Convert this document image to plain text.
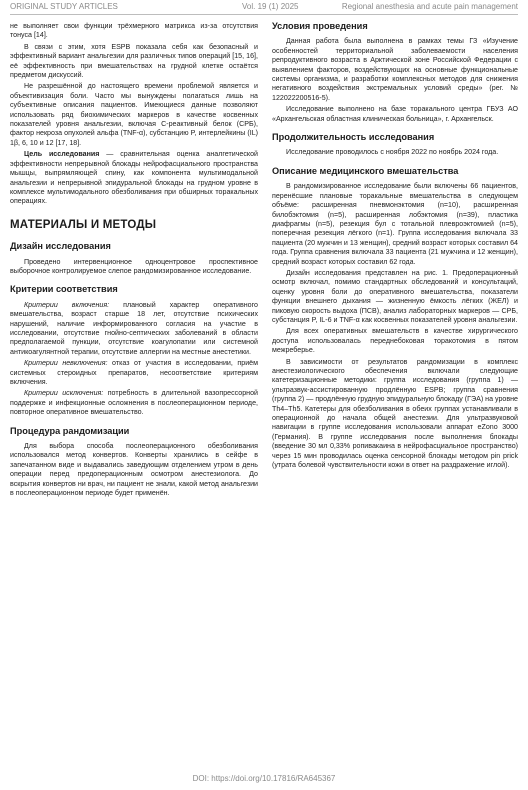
ORIGINAL STUDY ARTICLES	Vol. 19 (1) 2025	Regional anesthesia and acute pain management

не выполняет свои функции трёхмерного матрикса из-за отсутствия тонуса [14].

В связи с этим, хотя ESPB показала себя как безопасный и эффективный вариант анальгезии для различных типов операций [15, 16], её эффективность при вмешательствах на грудной клетке остаётся предметом дискуссий.

Не разрешённой до настоящего времени проблемой является и объективизация боли. Часто мы вынуждены полагаться лишь на субъективные описания пациентов. Имеющиеся данные позволяют использовать ряд биохимических маркеров в качестве косвенных показателей уровня анальгезии, включая C-реактивный белок (СРБ), фактор некроза опухолей альфа (TNF-α), субстанцию P, интерлейкины (IL) 1β, 6, 10 и 12 [17, 18].

Цель исследования — сравнительная оценка аналгетической эффективности непрерывной блокады нейрофасциального пространства мышцы, выпрямляющей спину, как компонента мультимодальной анальгезии и непрерывной эпидуральной блокады на грудном уровне в комплексе мультимодального обезболивания при обширных торакальных операциях.

МАТЕРИАЛЫ И МЕТОДЫ
Дизайн исследования

Проведено интервенционное одноцентровое проспективное выборочное контролируемое слепое рандомизированное исследование.

Критерии соответствия

Критерии включения: плановый характер оперативного вмешательства, возраст старше 18 лет, отсутствие психических нарушений, наличие информированного согласия на участие в исследовании, отсутствие гнойно-септических заболеваний в области предполагаемой пункции, отсутствие коагулопатии или системной антикоагулянтной терапии, отсутствие аллергии на местные анестетики.

Критерии невключения: отказ от участия в исследовании, приём системных стероидных препаратов, несоответствие критериям включения.

Критерии исключения: потребность в длительной вазопрессорной поддержке и инфекционные осложнения в послеоперационном периоде, повторное оперативное вмешательство.

Процедура рандомизации

Для выбора способа послеоперационного обезболивания использовался метод конвертов. Конверты хранились в сейфе в запечатанном виде и выдавались заведующим отделением утром в день операции перед предоперационным осмотром анестезиолога. До вскрытия конвертов ни врач, ни пациент не знали, какой метод анальгезии в послеоперационном периоде будет применён.

Условия проведения

Данная работа была выполнена в рамках темы ГЗ «Изучение особенностей территориальной заболеваемости населения репродуктивного возраста в Арктической зоне Российской Федерации с выявлением факторов, воздействующих на основные функциональные системы организма, и разработки комплексных методов для снижения негативного воздействия экстремальных условий среды» (рег. № 122022200516-5).

Исследование выполнено на базе торакального центра ГБУЗ АО «Архангельская областная клиническая больница», г. Архангельск.

Продолжительность исследования

Исследование проводилось с ноября 2022 по ноябрь 2024 года.

Описание медицинского вмешательства

В рандомизированное исследование были включены 66 пациентов, перенёсшие плановые торакальные вмешательства в следующем объёме: расширенная пневмонэктомия (n=10), расширенная билобэктомия (n=5), расширенная лобэктомия (n=39), пластика диафрагмы (n=5), резекция бул с тотальной плевроэктомией (n=5), поперечная резекция лёгкого (n=1). Группа исследования включала 33 пациента (20 мужчин и 13 женщин), средний возраст которых составил 64 года. Группа сравнения включала 33 пациента (21 мужчина и 12 женщин), средний возраст которых составил 62 года.

Дизайн исследования представлен на рис. 1. Предоперационный осмотр включал, помимо стандартных обследований и консультаций, оценку уровня боли до оперативного вмешательства, показатели функции внешнего дыхания — жизненную ёмкость лёгких (ЖЕЛ) и пиковую скорость выдоха (ПСВ), анализ лабораторных маркеров — СРБ, субстанция P, IL-6 и TNF-α как косвенных показателей уровня анальгезии.

Для всех оперативных вмешательств в качестве хирургического доступа использовалась переднебоковая торакотомия в пятом межреберье.

В зависимости от результатов рандомизации в комплекс анестезиологического обеспечения включали следующие катетеризационные методики: группа исследования (группа 1) — ультразвук-ассистированную продлённую ESPB; группа сравнения (группа 2) — продлённую грудную эпидуральную блокаду (ГЭА) на уровне Th4–Th5. Катетеры для обезболивания в обеих группах устанавливали в операционной до начала общей анестезии. Для ультразвуковой навигации в группе исследования использовали аппарат eZono 3000 (Германия). В группе исследования после выполнения блокады (введение 30 мл 0,33% ропивакаина в нейрофасциальное пространство) через 15 мин проводилась оценка сенсорной блокады методом pin prick (утрата болевой чувствительности кожи в ответ на раздражение иглой).

DOI: https://doi.org/10.17816/RA645367
